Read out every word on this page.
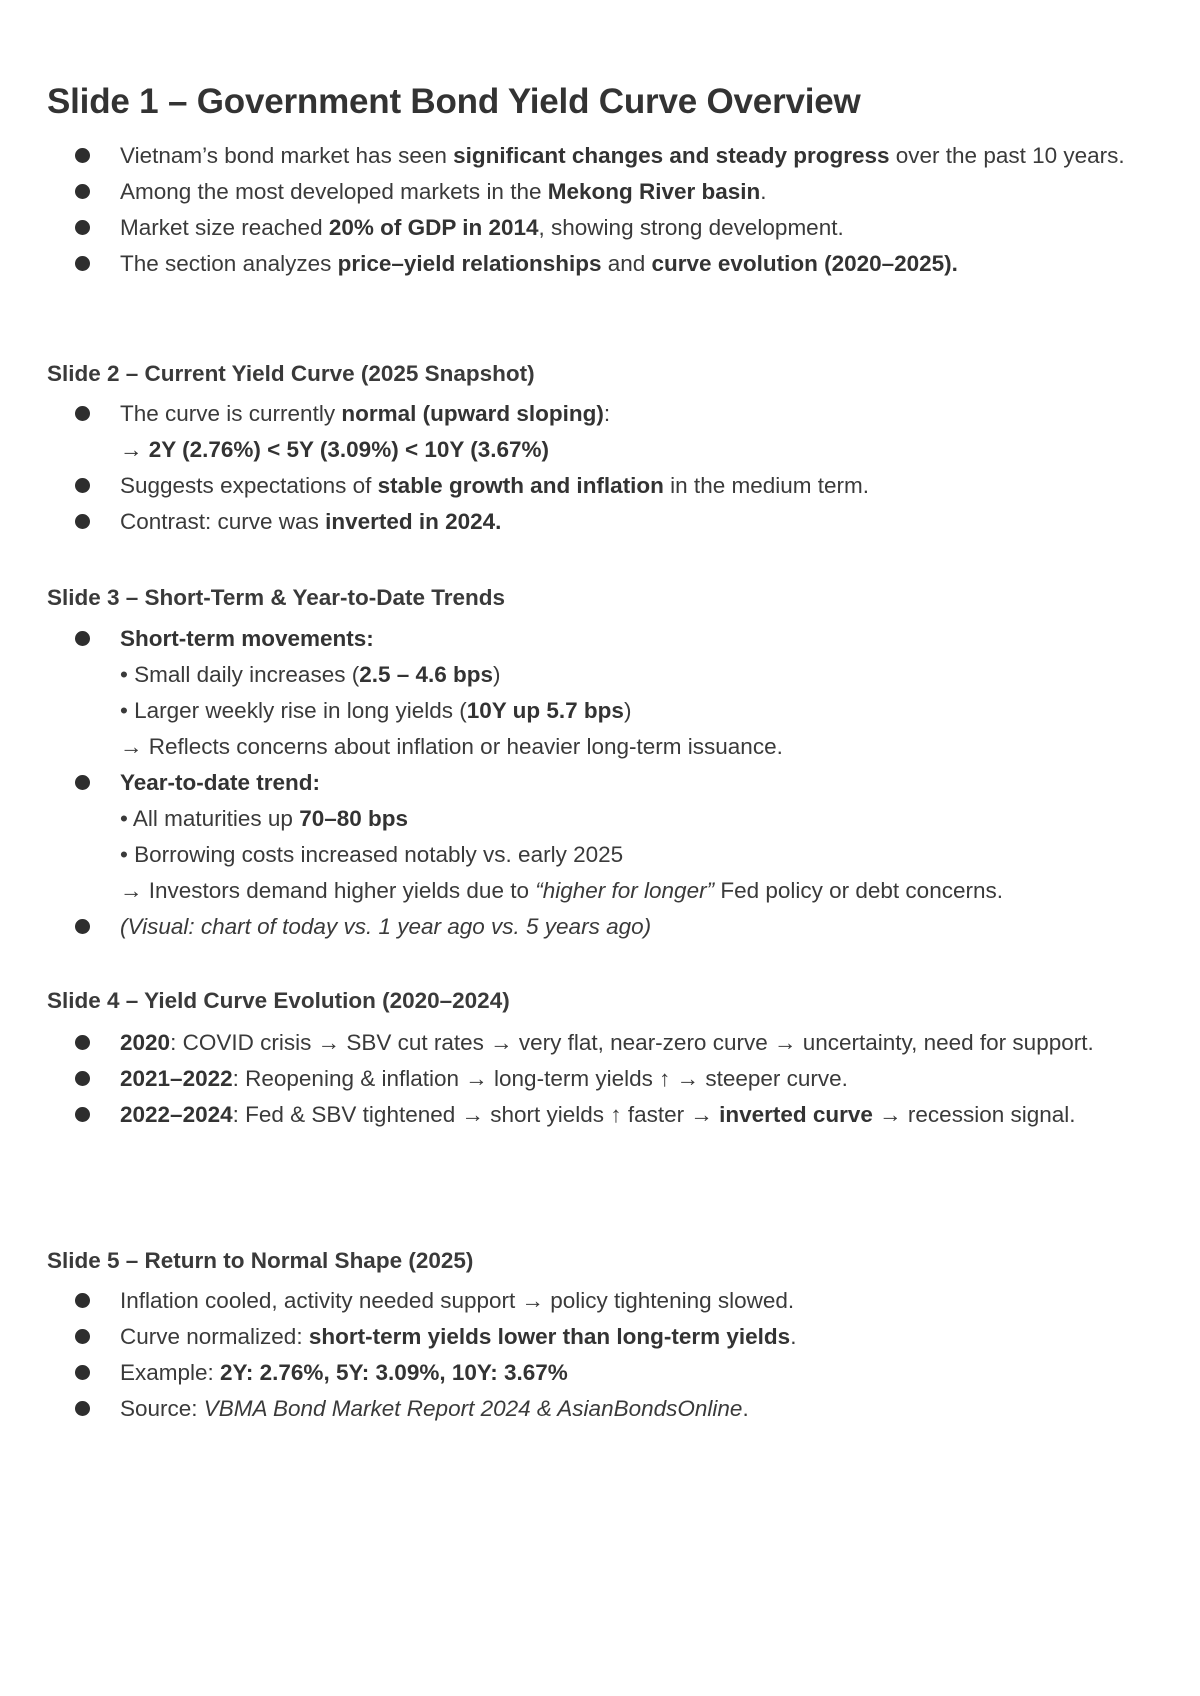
Slide 1 – Government Bond Yield Curve Overview
Vietnam’s bond market has seen significant changes and steady progress over the past 10 years.
Among the most developed markets in the Mekong River basin.
Market size reached 20% of GDP in 2014, showing strong development.
The section analyzes price–yield relationships and curve evolution (2020–2025).
Slide 2 – Current Yield Curve (2025 Snapshot)
The curve is currently normal (upward sloping):
→ 2Y (2.76%) < 5Y (3.09%) < 10Y (3.67%)
Suggests expectations of stable growth and inflation in the medium term.
Contrast: curve was inverted in 2024.
Slide 3 – Short-Term & Year-to-Date Trends
Short-term movements:
• Small daily increases (2.5 – 4.6 bps)
• Larger weekly rise in long yields (10Y up 5.7 bps)
→ Reflects concerns about inflation or heavier long-term issuance.
Year-to-date trend:
• All maturities up 70–80 bps
• Borrowing costs increased notably vs. early 2025
→ Investors demand higher yields due to “higher for longer” Fed policy or debt concerns.
(Visual: chart of today vs. 1 year ago vs. 5 years ago)
Slide 4 – Yield Curve Evolution (2020–2024)
2020: COVID crisis → SBV cut rates → very flat, near-zero curve → uncertainty, need for support.
2021–2022: Reopening & inflation → long-term yields ↑ → steeper curve.
2022–2024: Fed & SBV tightened → short yields ↑ faster → inverted curve → recession signal.
Slide 5 – Return to Normal Shape (2025)
Inflation cooled, activity needed support → policy tightening slowed.
Curve normalized: short-term yields lower than long-term yields.
Example: 2Y: 2.76%, 5Y: 3.09%, 10Y: 3.67%
Source: VBMA Bond Market Report 2024 & AsianBondsOnline.
